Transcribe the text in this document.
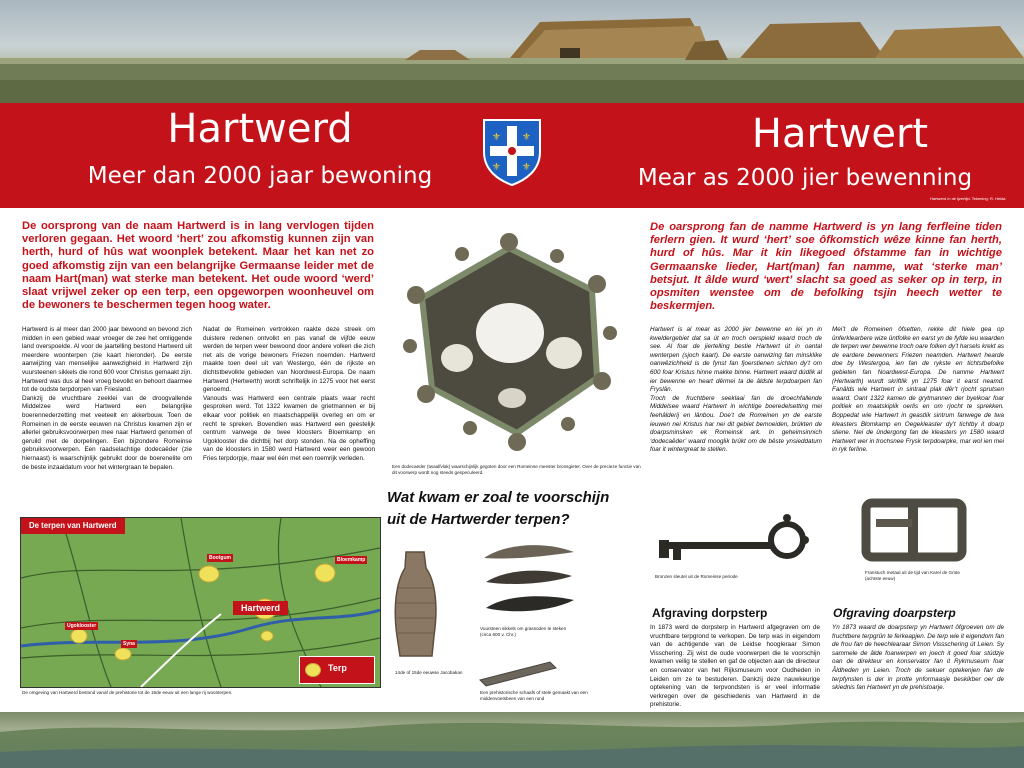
Hartwerd
Meer dan 2000 jaar bewoning
Hartwert
Mear as 2000 jier bewenning
Hartwerd in de ijzertijd. Tekening: R. Heida
⚜ ⚜
⚜ ⚜
De oorsprong van de naam Hartwerd is in lang vervlogen tijden verloren gegaan. Het woord ‘hert’ zou afkomstig kunnen zijn van herth, hurd of hûs wat woonplek betekent. Maar het kan net zo goed afkomstig zijn van een belangrijke Germaanse leider met de naam Hart(man) wat sterke man betekent. Het oude woord ‘werd’ slaat vrijwel zeker op een terp, een opgeworpen woonheuvel om de bewoners te beschermen tegen hoog water.
De oarsprong fan de namme Hartwerd is yn lang ferfleine tiden ferlern gien. It wurd ‘hert’ soe ôfkomstich wêze kinne fan herth, hurd of hûs. Mar it kin likegoed ôfstamme fan in wichtige Germaanske lieder, Hart(man) fan namme, wat ‘sterke man’ betsjut. It âlde wurd ‘wert’ slacht sa goed as seker op in terp, in opsmiten wenstee om de befolking tsjin heech wetter te beskermjen.

Hartwerd is al meer dan 2000 jaar bewoond en bevond zich midden in een gebied waar vroeger de zee het omliggende land overspoelde. Al voor de jaartelling bestond Hartwerd uit meerdere woonterpen (zie kaart hieronder). De eerste aanwijzing van menselijke aanwezigheid in Hartwerd zijn vuursteenen sikkels die rond 600 voor Christus gemaakt zijn. Hartwerd was dus al heel vroeg bevolkt en behoort daarmee tot de oudste terpdorpen van Friesland.

Dankzij de vruchtbare zeeklei van de droogvallende Middelzee werd Hartwerd een belangrijke boerennederzetting met veeteelt en akkerbouw. Toen de Romeinen in de eerste eeuwen na Christus kwamen zijn er allerlei gebruiksvoorwerpen mee naar Hartwerd genomen of geruild met de dorpelingen. Een bijzondere Romeinse gebruiksvoorwerpen. Een raadselachtige dodecaëder (zie hiernaast) is waarschijnlijk gebruikt door de boerenelite om de beste inzaaidatum voor het wintergraan te bepalen.

Nadat de Romeinen vertrokken raakte deze streek om duistere redenen ontvolkt en pas vanaf de vijfde eeuw werden de terpen weer bewoond door andere volken die zich net als de vorige bewoners Friezen noemden. Hartwerd maakte toen deel uit van Westergo, één de rijkste en dichtstbevolkte gebieden van Noordwest-Europa. De naam Hartwerd (Hertwerth) wordt schriftelijk in 1275 voor het eerst genoemd.

Vanouds was Hartwerd een centrale plaats waar recht gesproken werd. Tot 1322 kwamen de grietmannen er bij elkaar voor politiek en maatschappelijk overleg en om er recht te spreken. Bovendien was Hartwerd een geestelijk centrum vanwege de twee kloosters Bloemkamp en Ugoklooster die dichtbij het dorp stonden. Na de opheffing van de kloosters in 1580 werd Hartwerd weer een gewoon Fries terpdorpje, maar wel één met een roemrijk verleden.

Hartwert is al mear as 2000 jier bewenne en lei yn in kweldergebiet dat sa út en troch oerspield waard troch de see. Al foar de jiertelling bestie Hartwert út in oantal wenterpen (sjoch kaart). De earste oanwizing fan minsklike oanwêzichheid is de fynst fan fjoerstienen sichten dy’t om 600 foar Kristus hinne makke binne. Hartwert waard dúdlik al ier bewenne en heart dêrmei ta de âldste terpdoarpen fan Fryslân.

Troch de fruchtbere seeklaai fan de droechfallende Middelsee waard Hartwert in wichtige boeredelsetting mei feehâlderij en lânbou. Doe’t de Romeinen yn de earste ieuwen nei Kristus har nei dit gebiet bemoeiden, brûkten de doarpsminsken ek Romeinsk ark. In geheimsinnich ‘dodecaëder’ waard mooglik brûkt om de bêste ynsieddatum foar it wintergreat te stellen.

Mei’t de Romeinen ôfsetten, rekke dit hiele gea op ûnferklearbere wize ûntfolke en earst yn de fyfde ieu waarden de terpen wer bewenne troch oare folken dy’t harsels krekt as de eardere bewenners Friezen neamden. Hartwert hearde doe by Westergoa, ien fan de rykste en tichtstbefolke gebieten fan Noardwest-Europa. De namme Hartwert (Hertwarth) wurdt skriftlik yn 1275 foar it earst neamd. Fanâlds wie Hartwert in sintraal plak dêr’t rjocht sprutsen waard. Oant 1322 kamen de grytmannen der byelkoar foar politiek en maatskiplik oerlis en om rjocht te sprekken. Boppedat wie Hartwert in geastlik sintrum fanwege de twa kleasters Blomkamp en Oegekleaster dy’t tichtby it doarp stiene. Nei de ûndergong fan de kleasters yn 1580 waard Hartwert wer in trochsnee Frysk terpdoarpke, mar wol ien mei in ryk ferline.
Een dodecaëder (twaalfvlak) waarschijnlijk gegoten door een Romeinse meester bronsgieter. Over de precieze functie van dit voorwerp wordt nog steeds gespeculeerd.
Wat kwam er zoal te voorschijn uit de Hartwerder terpen?
14de of 15de eeuwse Jacobakan
Vuursteen sikkels om grassoden te steken (circa 600 v. Chr.)
Een prehistorische schaafs of stele gemaakt van een middenvoetsbeen van een rund
Bronzen sleutel uit de Romeinse periode
Franstuch metaal uit de tijd van Karel de Grote (achtste eeuw)
Afgraving dorpsterp
In 1873 werd de dorpsterp in Hartwerd afgegraven om de vruchtbare terpgrond te verkopen. De terp was in eigendom van de achtigende van de Leidse hoogleraar Simon Visschering. Zij wist de oude voorwerpen die te voorschijn kwamen veilig te stellen en gaf de objecten aan de directeur en conservator van het Rijksmuseum voor Oudheden in Leiden om ze te bestuderen. Dankzij deze nauwkeurige optekening van de terpvondsten is er veel informatie verkregen over de geschiedenis van Hartwerd in de prehistorie.
Ofgraving doarpsterp
Yn 1873 waard de doarpsterp yn Hartwert ôfgroeven om de fruchtbere terpgrûn te ferkeapjen. De terp wie it eigendom fan de frou fan de heechlearaar Simon Vissschering út Leien. Sy sammele de âlde foarwerpen en joech it goed foar stúdzje oan de direkteur en konservator fan it Rykmuseum foar Âldheden yn Leien. Troch de sekuer optekenjen fan de terpfynsten is der in protte ynformaasje beskikber oer de skiednis fan Hartwert yn de prehistoarje.
De terpen van Hartwerd
Bootgum	Bloemkamp
Hartwerd
Ugoklooster
Syna
Terp
De omgeving van Hartwerd bestond vanaf de prehistorie tot de 19de eeuw uit een lange rij woonterpen.
